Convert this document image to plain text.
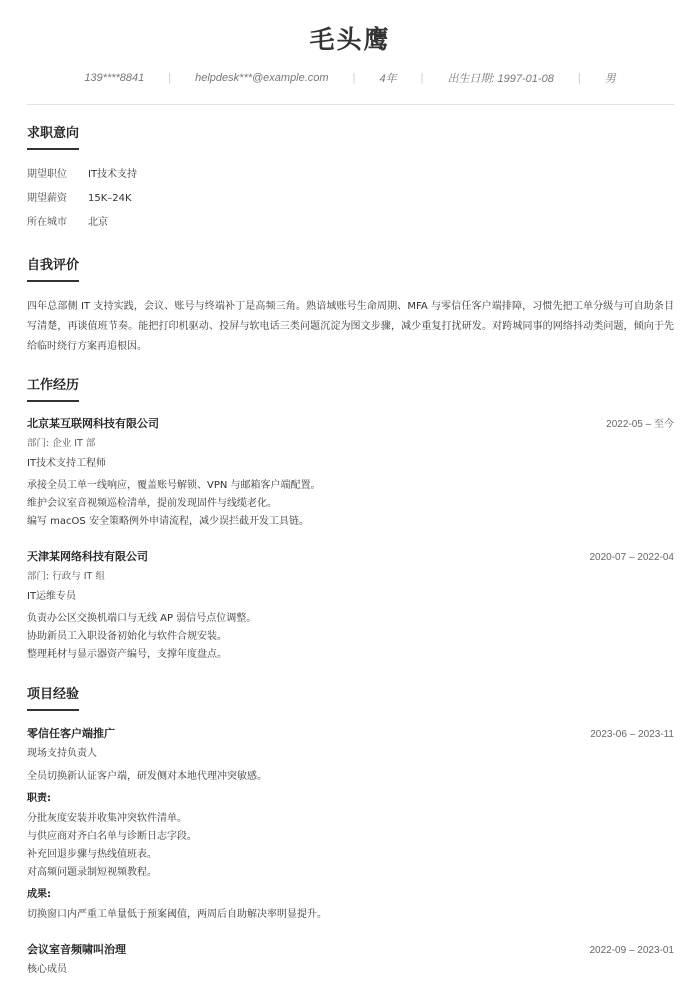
毛头鹰
139****8841 | helpdesk***@example.com | 4年 | 出生日期: 1997-01-08 | 男
求职意向
期望职位 IT技术支持
期望薪资 15K–24K
所在城市 北京
自我评价
四年总部侧 IT 支持实践，会议、账号与终端补丁是高频三角。熟谙域账号生命周期、MFA 与零信任客户端排障，习惯先把工单分级与可自助条目写清楚，再谈值班节奏。能把打印机驱动、投屏与软电话三类问题沉淀为图文步骤，减少重复打扰研发。对跨城同事的网络抖动类问题，倾向于先给临时绕行方案再追根因。
工作经历
北京某互联网科技有限公司	2022-05 – 至今
部门: 企业 IT 部
IT技术支持工程师
承接全员工单一线响应，覆盖账号解锁、VPN 与邮箱客户端配置。
维护会议室音视频巡检清单，提前发现固件与线缆老化。
编写 macOS 安全策略例外申请流程，减少误拦截开发工具链。
天津某网络科技有限公司	2020-07 – 2022-04
部门: 行政与 IT 组
IT运维专员
负责办公区交换机端口与无线 AP 弱信号点位调整。
协助新员工入职设备初始化与软件合规安装。
整理耗材与显示器资产编号，支撑年度盘点。
项目经验
零信任客户端推广	2023-06 – 2023-11
现场支持负责人
全员切换新认证客户端，研发侧对本地代理冲突敏感。
职责:
分批灰度安装并收集冲突软件清单。
与供应商对齐白名单与诊断日志字段。
补充回退步骤与热线值班表。
对高频问题录制短视频教程。
成果:
切换窗口内严重工单量低于预案阈值，两周后自助解决率明显提升。
会议室音频啸叫治理	2022-09 – 2023-01
核心成员
